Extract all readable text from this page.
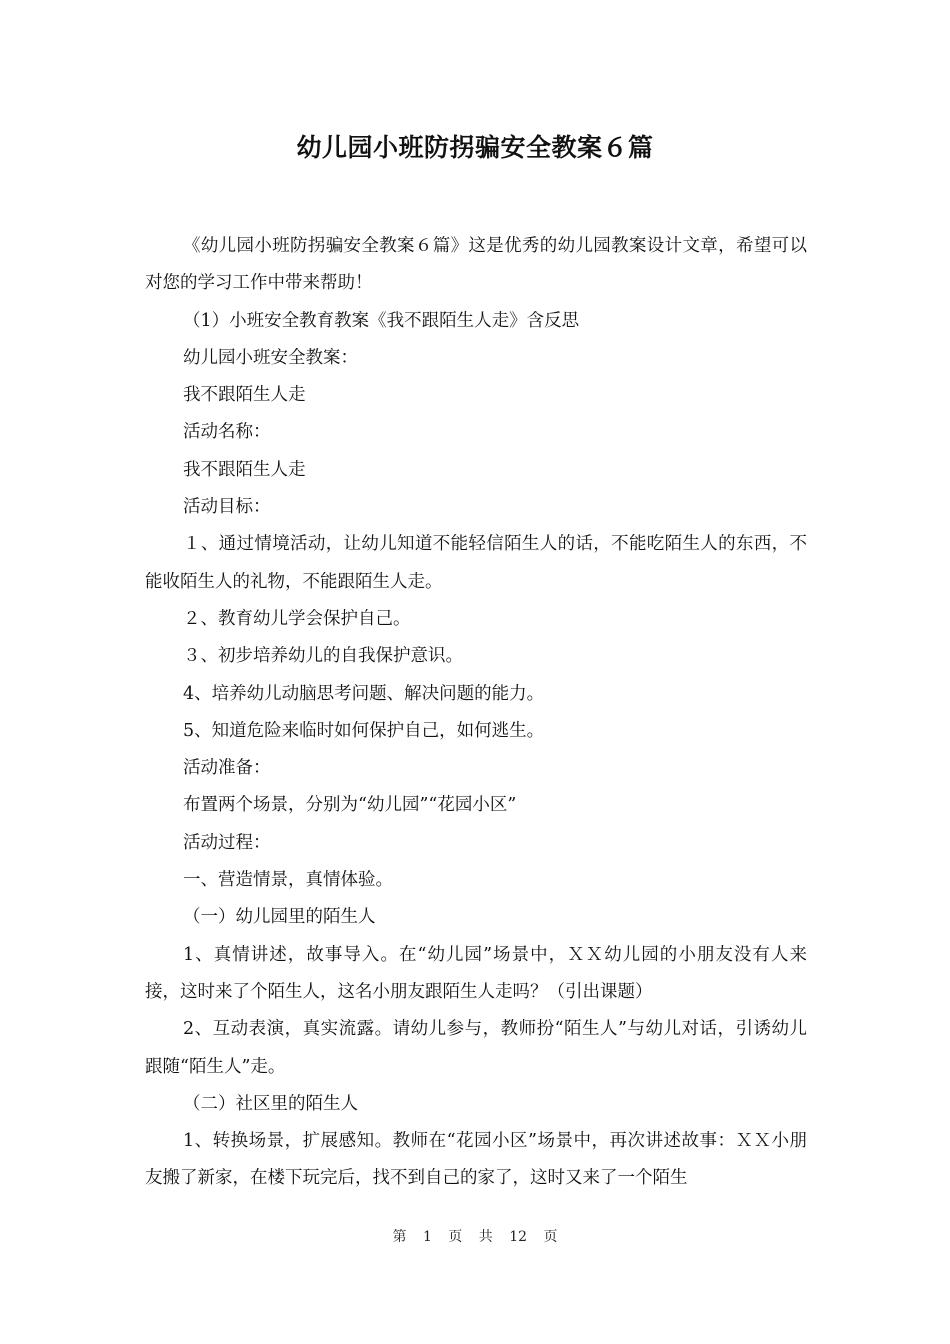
幼儿园小班防拐骗安全教案６篇

《幼儿园小班防拐骗安全教案６篇》这是优秀的幼儿园教案设计文章，希望可以对您的学习工作中带来帮助！

（1）小班安全教育教案《我不跟陌生人走》含反思

幼儿园小班安全教案：

我不跟陌生人走

活动名称：

我不跟陌生人走

活动目标：

１、通过情境活动，让幼儿知道不能轻信陌生人的话，不能吃陌生人的东西，不能收陌生人的礼物，不能跟陌生人走。

２、教育幼儿学会保护自己。

３、初步培养幼儿的自我保护意识。

4、培养幼儿动脑思考问题、解决问题的能力。

5、知道危险来临时如何保护自己，如何逃生。

活动准备：

布置两个场景，分别为“幼儿园”“花园小区”

活动过程：

一、营造情景，真情体验。

（一）幼儿园里的陌生人

1、真情讲述，故事导入。在“幼儿园”场景中，ＸＸ幼儿园的小朋友没有人来接，这时来了个陌生人，这名小朋友跟陌生人走吗？（引出课题）

2、互动表演，真实流露。请幼儿参与，教师扮“陌生人”与幼儿对话，引诱幼儿跟随“陌生人”走。

（二）社区里的陌生人

1、转换场景，扩展感知。教师在“花园小区”场景中，再次讲述故事：ＸＸ小朋友搬了新家，在楼下玩完后，找不到自己的家了，这时又来了一个陌生

第 1 页 共 12 页
